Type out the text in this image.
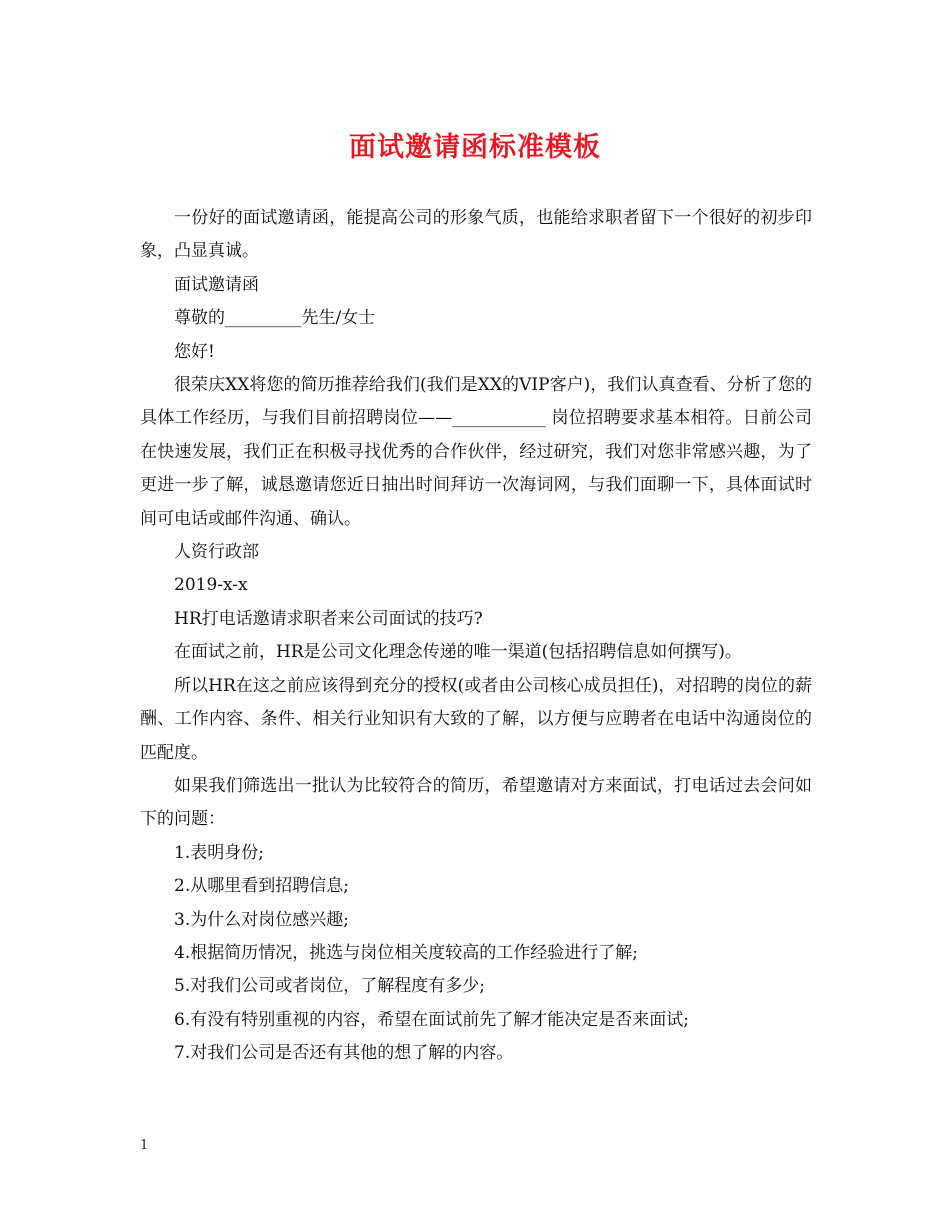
面试邀请函标准模板

一份好的面试邀请函，能提高公司的形象气质，也能给求职者留下一个很好的初步印象，凸显真诚。

面试邀请函

尊敬的_________先生/女士

您好!

很荣庆XX将您的简历推荐给我们(我们是XX的VIP客户)，我们认真查看、分析了您的具体工作经历，与我们目前招聘岗位——___________ 岗位招聘要求基本相符。日前公司在快速发展，我们正在积极寻找优秀的合作伙伴，经过研究，我们对您非常感兴趣，为了更进一步了解，诚恳邀请您近日抽出时间拜访一次海词网，与我们面聊一下，具体面试时间可电话或邮件沟通、确认。

人资行政部

2019-x-x

HR打电话邀请求职者来公司面试的技巧?

在面试之前，HR是公司文化理念传递的唯一渠道(包括招聘信息如何撰写)。

所以HR在这之前应该得到充分的授权(或者由公司核心成员担任)，对招聘的岗位的薪酬、工作内容、条件、相关行业知识有大致的了解，以方便与应聘者在电话中沟通岗位的匹配度。

如果我们筛选出一批认为比较符合的简历，希望邀请对方来面试，打电话过去会问如下的问题：

1.表明身份;

2.从哪里看到招聘信息;

3.为什么对岗位感兴趣;

4.根据简历情况，挑选与岗位相关度较高的工作经验进行了解;

5.对我们公司或者岗位，了解程度有多少;

6.有没有特别重视的内容，希望在面试前先了解才能决定是否来面试;

7.对我们公司是否还有其他的想了解的内容。

1
